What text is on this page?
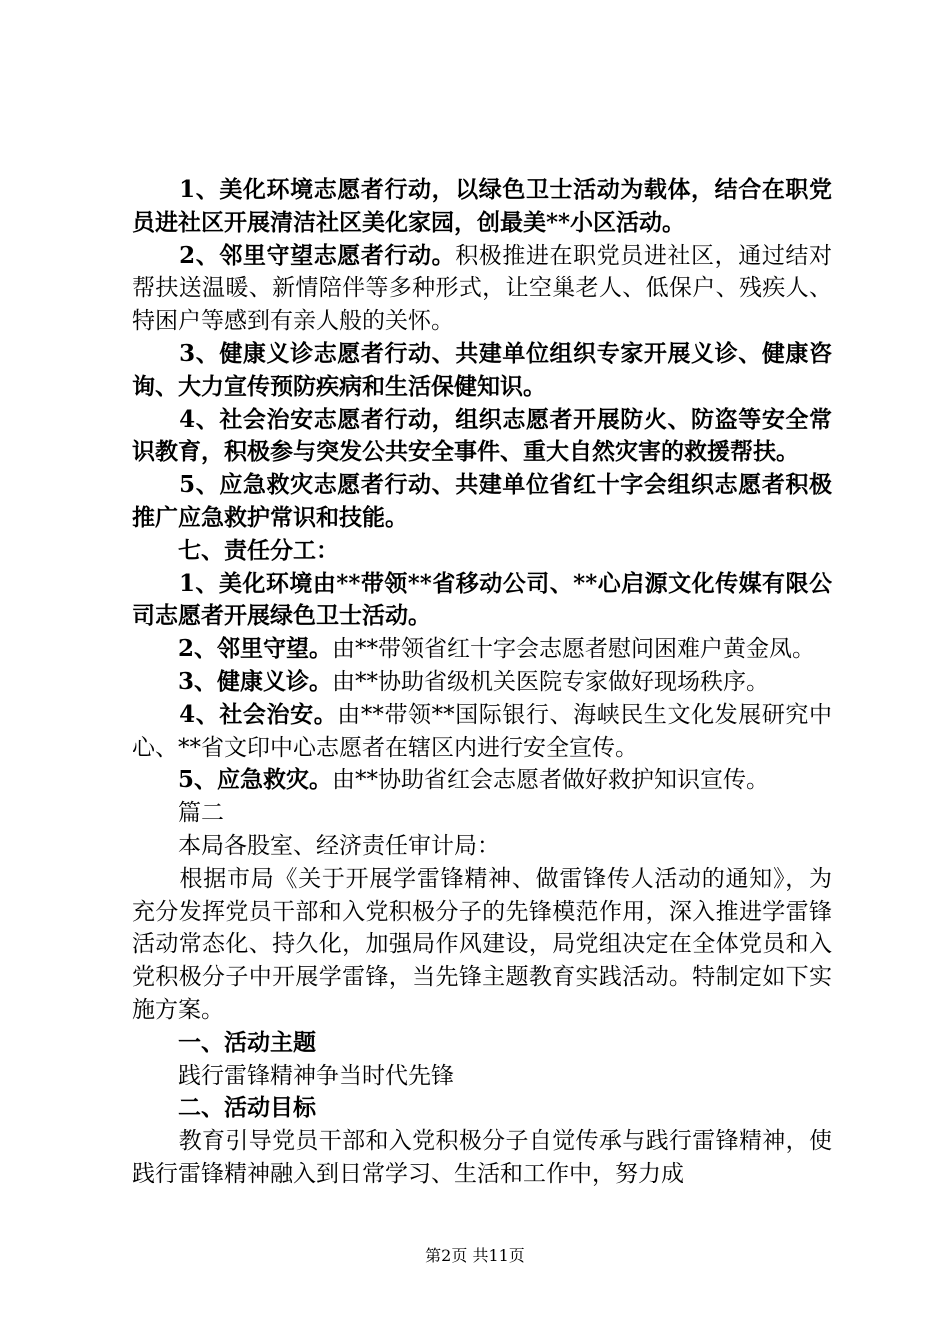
　　1、美化环境志愿者行动，以绿色卫士活动为载体，结合在职党员进社区开展清洁社区美化家园，创最美**小区活动。

　　2、邻里守望志愿者行动。积极推进在职党员进社区，通过结对帮扶送温暖、新情陪伴等多种形式，让空巢老人、低保户、残疾人、特困户等感到有亲人般的关怀。

　　3、健康义诊志愿者行动、共建单位组织专家开展义诊、健康咨询、大力宣传预防疾病和生活保健知识。

　　4、社会治安志愿者行动，组织志愿者开展防火、防盗等安全常识教育，积极参与突发公共安全事件、重大自然灾害的救援帮扶。

　　5、应急救灾志愿者行动、共建单位省红十字会组织志愿者积极推广应急救护常识和技能。

　　七、责任分工：

　　1、美化环境由**带领**省移动公司、**心启源文化传媒有限公司志愿者开展绿色卫士活动。

　　2、邻里守望。由**带领省红十字会志愿者慰问困难户黄金凤。

　　3、健康义诊。由**协助省级机关医院专家做好现场秩序。

　　4、社会治安。由**带领**国际银行、海峡民生文化发展研究中心、**省文印中心志愿者在辖区内进行安全宣传。

　　5、应急救灾。由**协助省红会志愿者做好救护知识宣传。

　　篇二

　　本局各股室、经济责任审计局：

　　根据市局《关于开展学雷锋精神、做雷锋传人活动的通知》，为充分发挥党员干部和入党积极分子的先锋模范作用，深入推进学雷锋活动常态化、持久化，加强局作风建设，局党组决定在全体党员和入党积极分子中开展学雷锋，当先锋主题教育实践活动。特制定如下实施方案。

　　一、活动主题

　　践行雷锋精神争当时代先锋

　　二、活动目标

　　教育引导党员干部和入党积极分子自觉传承与践行雷锋精神，使践行雷锋精神融入到日常学习、生活和工作中，努力成

第2页 共11页
